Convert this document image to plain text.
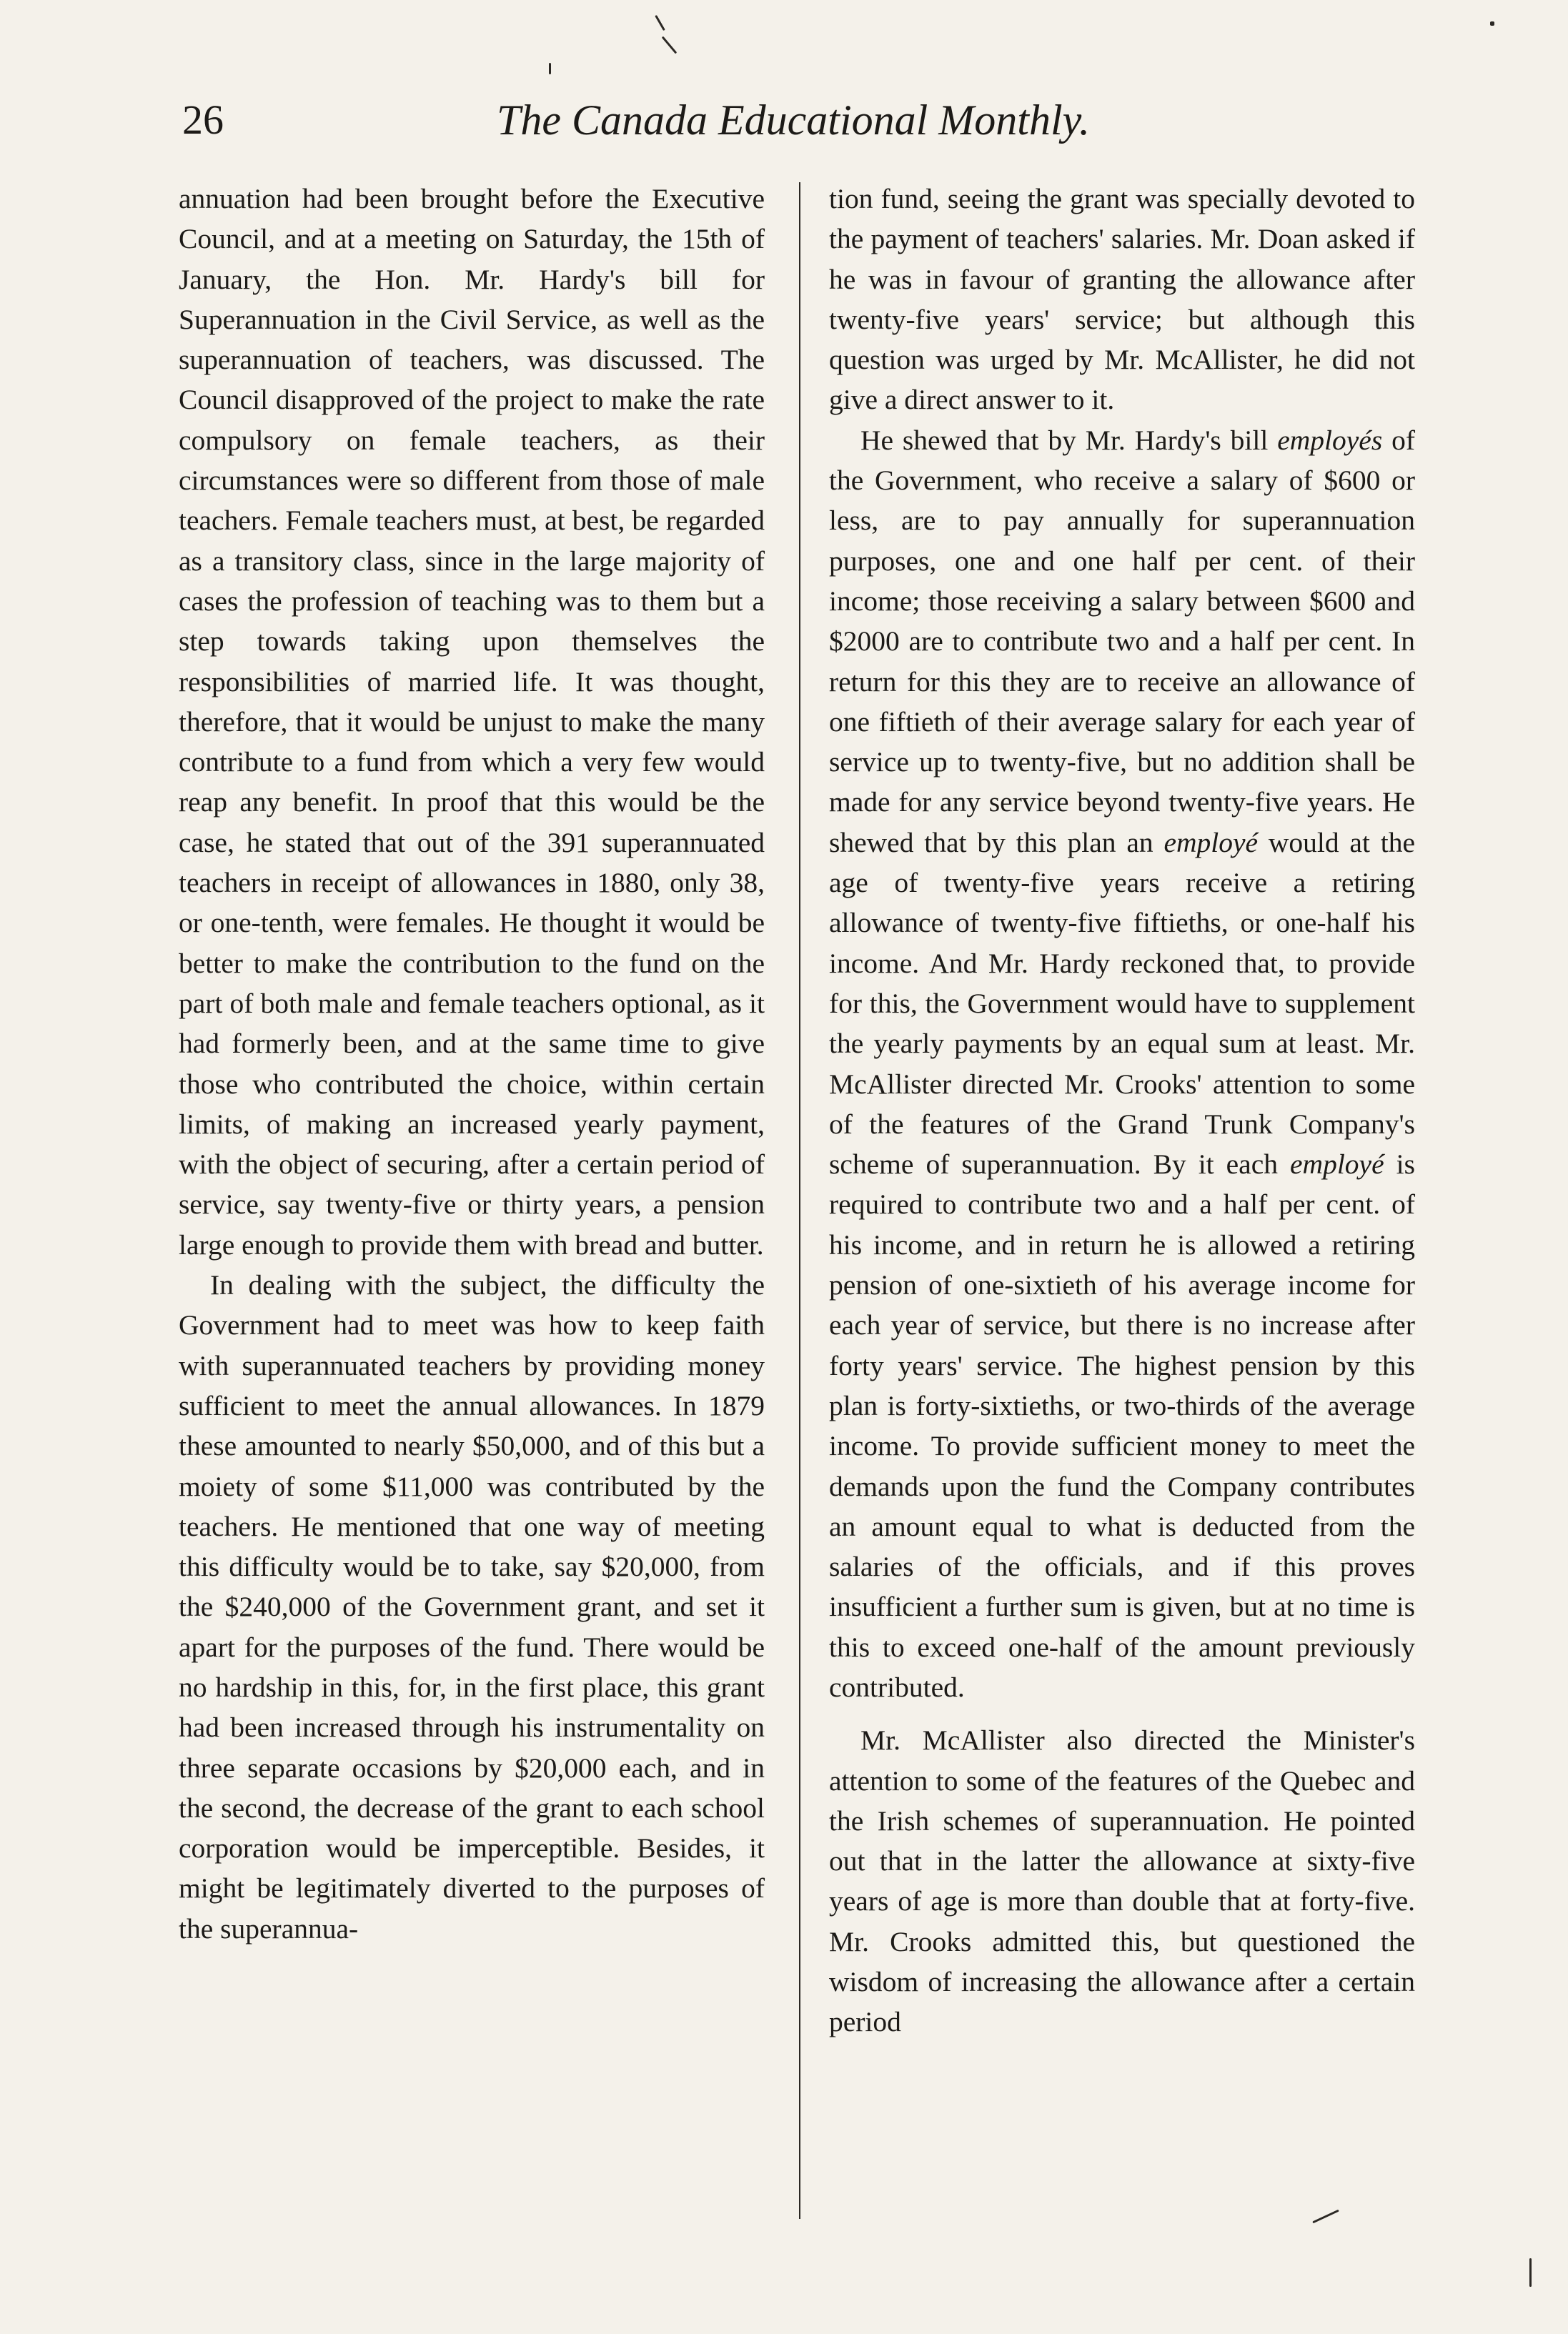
26	The Canada Educational Monthly.

annuation had been brought before the Executive Council, and at a meeting on Saturday, the 15th of January, the Hon. Mr. Hardy's bill for Superannuation in the Civil Service, as well as the superannuation of teachers, was discussed. The Council disapproved of the project to make the rate compulsory on female teachers, as their circumstances were so different from those of male teachers. Female teachers must, at best, be regarded as a transitory class, since in the large majority of cases the profession of teaching was to them but a step towards taking upon themselves the responsibilities of married life. It was thought, therefore, that it would be unjust to make the many contribute to a fund from which a very few would reap any benefit. In proof that this would be the case, he stated that out of the 391 superannuated teachers in receipt of allowances in 1880, only 38, or one-tenth, were females. He thought it would be better to make the contribution to the fund on the part of both male and female teachers optional, as it had formerly been, and at the same time to give those who contributed the choice, within certain limits, of making an increased yearly payment, with the object of securing, after a certain period of service, say twenty-five or thirty years, a pension large enough to provide them with bread and butter.

In dealing with the subject, the difficulty the Government had to meet was how to keep faith with superannuated teachers by providing money sufficient to meet the annual allowances. In 1879 these amounted to nearly $50,000, and of this but a moiety of some $11,000 was contributed by the teachers. He mentioned that one way of meeting this difficulty would be to take, say $20,000, from the $240,000 of the Government grant, and set it apart for the purposes of the fund. There would be no hardship in this, for, in the first place, this grant had been increased through his instrumentality on three separate occasions by $20,000 each, and in the second, the decrease of the grant to each school corporation would be imperceptible. Besides, it might be legitimately diverted to the purposes of the superannua-

tion fund, seeing the grant was specially devoted to the payment of teachers' salaries. Mr. Doan asked if he was in favour of granting the allowance after twenty-five years' service; but although this question was urged by Mr. McAllister, he did not give a direct answer to it.

He shewed that by Mr. Hardy's bill employés of the Government, who receive a salary of $600 or less, are to pay annually for superannuation purposes, one and one half per cent. of their income; those receiving a salary between $600 and $2000 are to contribute two and a half per cent. In return for this they are to receive an allowance of one fiftieth of their average salary for each year of service up to twenty-five, but no addition shall be made for any service beyond twenty-five years. He shewed that by this plan an employé would at the age of twenty-five years receive a retiring allowance of twenty-five fiftieths, or one-half his income. And Mr. Hardy reckoned that, to provide for this, the Government would have to supplement the yearly payments by an equal sum at least. Mr. McAllister directed Mr. Crooks' attention to some of the features of the Grand Trunk Company's scheme of superannuation. By it each employé is required to contribute two and a half per cent. of his income, and in return he is allowed a retiring pension of one-sixtieth of his average income for each year of service, but there is no increase after forty years' service. The highest pension by this plan is forty-sixtieths, or two-thirds of the average income. To provide sufficient money to meet the demands upon the fund the Company contributes an amount equal to what is deducted from the salaries of the officials, and if this proves insufficient a further sum is given, but at no time is this to exceed one-half of the amount previously contributed.

Mr. McAllister also directed the Minister's attention to some of the features of the Quebec and the Irish schemes of superannuation. He pointed out that in the latter the allowance at sixty-five years of age is more than double that at forty-five. Mr. Crooks admitted this, but questioned the wisdom of increasing the allowance after a certain period
